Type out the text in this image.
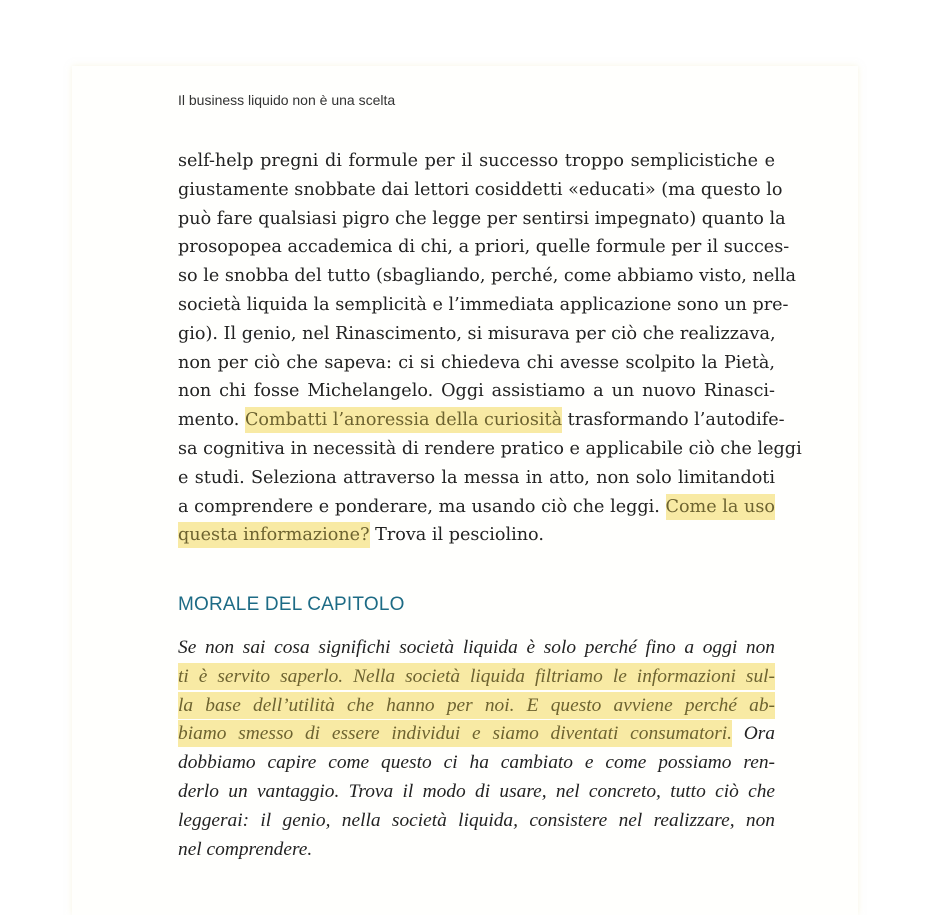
Il business liquido non è una scelta
self-help pregni di formule per il successo troppo semplicistiche e
giustamente snobbate dai lettori cosiddetti «educati» (ma questo lo
può fare qualsiasi pigro che legge per sentirsi impegnato) quanto la
prosopopea accademica di chi, a priori, quelle formule per il succes-
so le snobba del tutto (sbagliando, perché, come abbiamo visto, nella
società liquida la semplicità e l’immediata applicazione sono un pre-
gio). Il genio, nel Rinascimento, si misurava per ciò che realizzava,
non per ciò che sapeva: ci si chiedeva chi avesse scolpito la Pietà,
non chi fosse Michelangelo. Oggi assistiamo a un nuovo Rinasci-
mento. Combatti l’anoressia della curiosità trasformando l’autodife-
sa cognitiva in necessità di rendere pratico e applicabile ciò che leggi
e studi. Seleziona attraverso la messa in atto, non solo limitandoti
a comprendere e ponderare, ma usando ciò che leggi. Come la uso
questa informazione? Trova il pesciolino.
MORALE DEL CAPITOLO
Se non sai cosa significhi società liquida è solo perché fino a oggi non
ti è servito saperlo. Nella società liquida filtriamo le informazioni sul-
la base dell’utilità che hanno per noi. E questo avviene perché ab-
biamo smesso di essere individui e siamo diventati consumatori. Ora
dobbiamo capire come questo ci ha cambiato e come possiamo ren-
derlo un vantaggio. Trova il modo di usare, nel concreto, tutto ciò che
leggerai: il genio, nella società liquida, consistere nel realizzare, non
nel comprendere.
